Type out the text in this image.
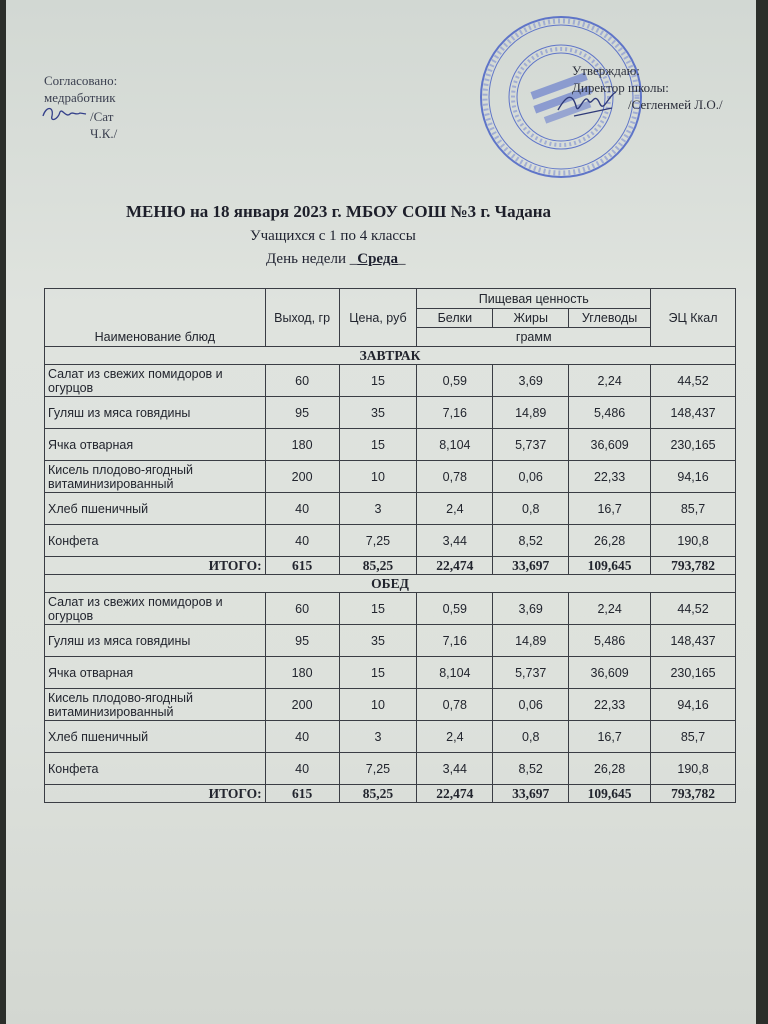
Согласовано:
медработник
/Сат Ч.К./
Утверждаю:
Директор школы:
/Сегленмей Л.О./
МЕНЮ на 18 января 2023 г. МБОУ СОШ №3 г. Чадана
Учащихся с 1 по 4 классы
День недели _Среда_
Наименование блюд	Выход, гр	Цена, руб	Пищевая ценность			ЭЦ Ккал
			Белки	Жиры	Углеводы	
			грамм			
ЗАВТРАК						
Салат из свежих помидоров и огурцов	60	15	0,59	3,69	2,24	44,52
Гуляш из мяса говядины	95	35	7,16	14,89	5,486	148,437
Ячка отварная	180	15	8,104	5,737	36,609	230,165
Кисель плодово-ягодный витаминизированный	200	10	0,78	0,06	22,33	94,16
Хлеб пшеничный	40	3	2,4	0,8	16,7	85,7
Конфета	40	7,25	3,44	8,52	26,28	190,8
ИТОГО:	615	85,25	22,474	33,697	109,645	793,782
ОБЕД						
Салат из свежих помидоров и огурцов	60	15	0,59	3,69	2,24	44,52
Гуляш из мяса говядины	95	35	7,16	14,89	5,486	148,437
Ячка отварная	180	15	8,104	5,737	36,609	230,165
Кисель плодово-ягодный витаминизированный	200	10	0,78	0,06	22,33	94,16
Хлеб пшеничный	40	3	2,4	0,8	16,7	85,7
Конфета	40	7,25	3,44	8,52	26,28	190,8
ИТОГО:	615	85,25	22,474	33,697	109,645	793,782
